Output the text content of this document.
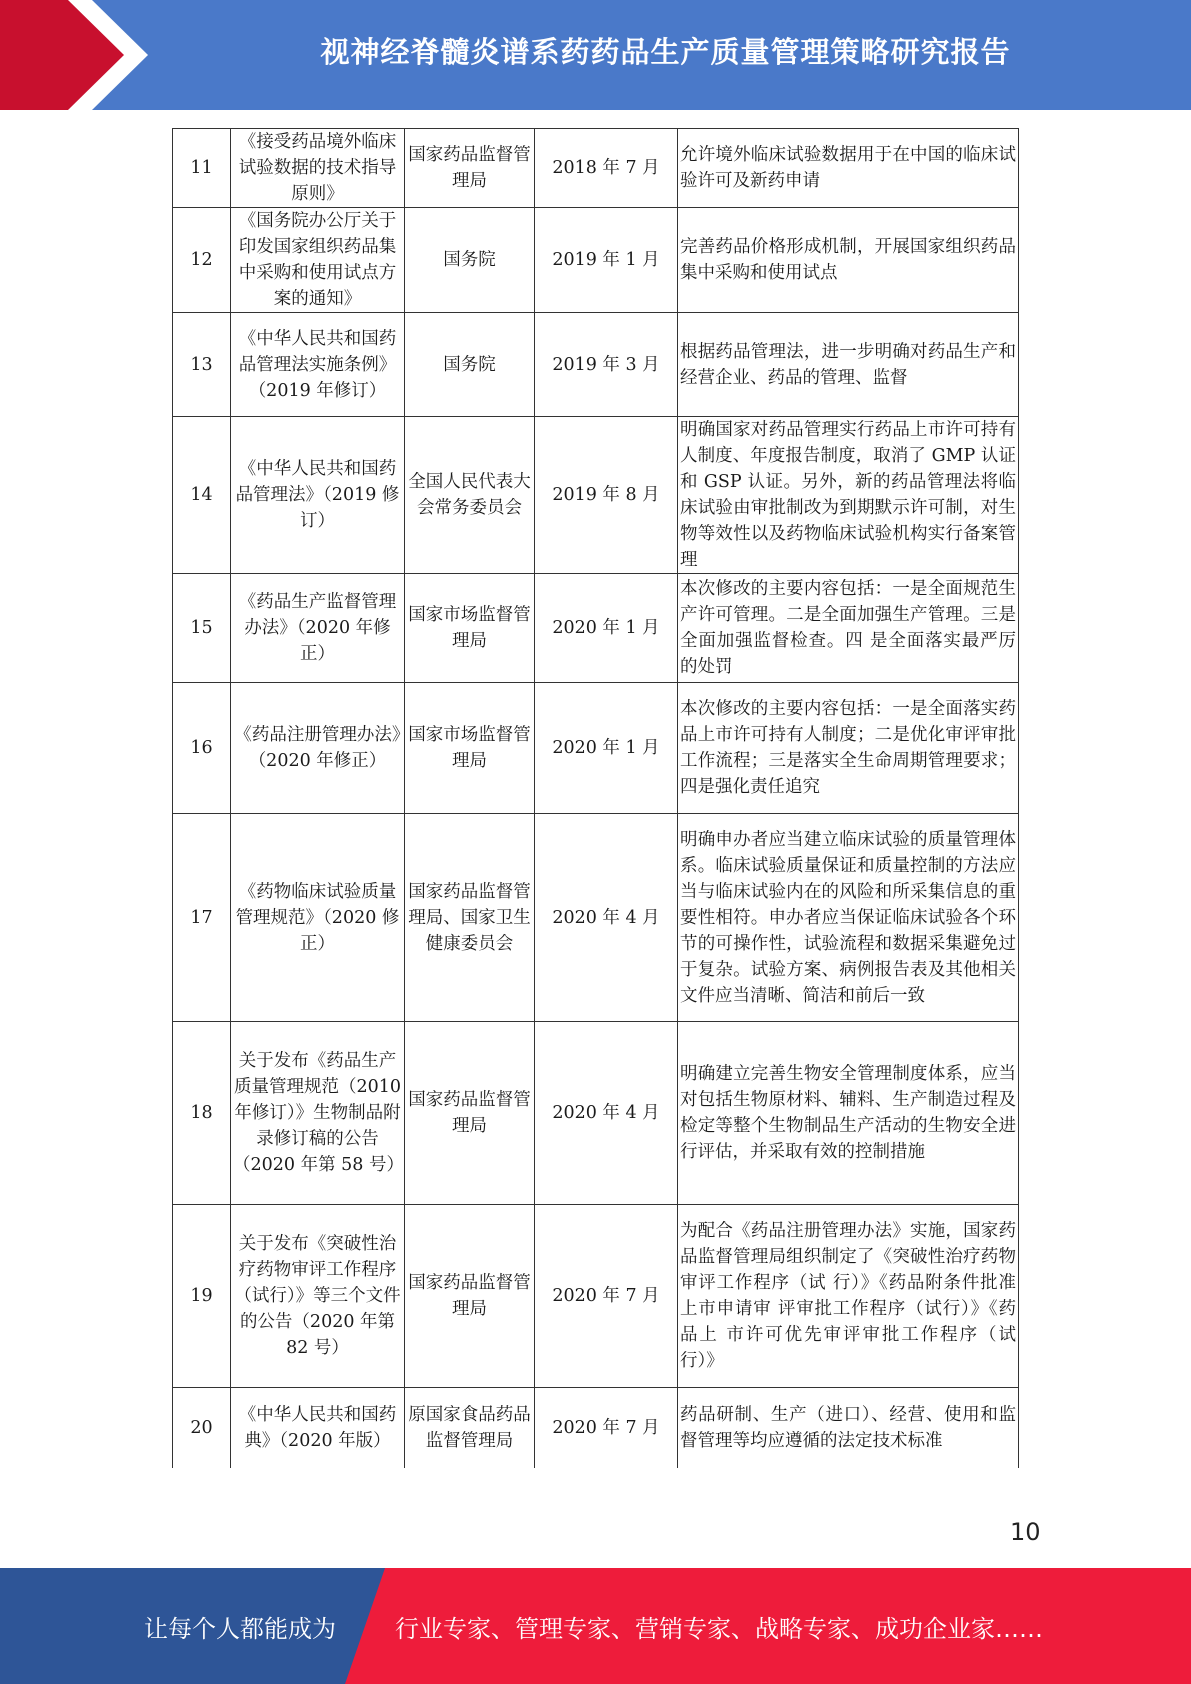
视神经脊髓炎谱系药药品生产质量管理策略研究报告
11	《接受药品境外临床试验数据的技术指导原则》	国家药品监督管理局	2018 年 7 月	允许境外临床试验数据用于在中国的临床试验许可及新药申请
12	《国务院办公厅关于印发国家组织药品集中采购和使用试点方案的通知》	国务院	2019 年 1 月	完善药品价格形成机制，开展国家组织药品集中采购和使用试点
13	《中华人民共和国药品管理法实施条例》（2019 年修订）	国务院	2019 年 3 月	根据药品管理法，进一步明确对药品生产和经营企业、药品的管理、监督
14	《中华人民共和国药品管理法》（2019 修订）	全国人民代表大会常务委员会	2019 年 8 月	明确国家对药品管理实行药品上市许可持有人制度、年度报告制度，取消了 GMP 认证和 GSP 认证。另外，新的药品管理法将临床试验由审批制改为到期默示许可制，对生物等效性以及药物临床试验机构实行备案管理
15	《药品生产监督管理办法》（2020 年修正）	国家市场监督管理局	2020 年 1 月	本次修改的主要内容包括：一是全面规范生产许可管理。二是全面加强生产管理。三是全面加强监督检查。四 是全面落实最严厉的处罚
16	《药品注册管理办法》（2020 年修正）	国家市场监督管理局	2020 年 1 月	本次修改的主要内容包括：一是全面落实药品上市许可持有人制度；二是优化审评审批工作流程；三是落实全生命周期管理要求；四是强化责任追究
17	《药物临床试验质量管理规范》（2020 修正）	国家药品监督管理局、国家卫生健康委员会	2020 年 4 月	明确申办者应当建立临床试验的质量管理体系。临床试验质量保证和质量控制的方法应当与临床试验内在的风险和所采集信息的重要性相符。申办者应当保证临床试验各个环节的可操作性，试验流程和数据采集避免过于复杂。试验方案、病例报告表及其他相关文件应当清晰、简洁和前后一致
18	关于发布《药品生产质量管理规范（2010 年修订）》生物制品附录修订稿的公告（2020 年第 58 号）	国家药品监督管理局	2020 年 4 月	明确建立完善生物安全管理制度体系，应当对包括生物原材料、辅料、生产制造过程及检定等整个生物制品生产活动的生物安全进行评估，并采取有效的控制措施
19	关于发布《突破性治疗药物审评工作程序（试行）》等三个文件的公告（2020 年第 82 号）	国家药品监督管理局	2020 年 7 月	为配合《药品注册管理办法》实施，国家药品监督管理局组织制定了《突破性治疗药物审评工作程序（试 行）》《药品附条件批准上市申请审 评审批工作程序（试行）》《药品上 市许可优先审评审批工作程序（试 行）》
20	《中华人民共和国药典》（2020 年版）	原国家食品药品监督管理局	2020 年 7 月	药品研制、生产（进口）、经营、使用和监督管理等均应遵循的法定技术标准
10
让每个人都能成为	行业专家、管理专家、营销专家、战略专家、成功企业家……
